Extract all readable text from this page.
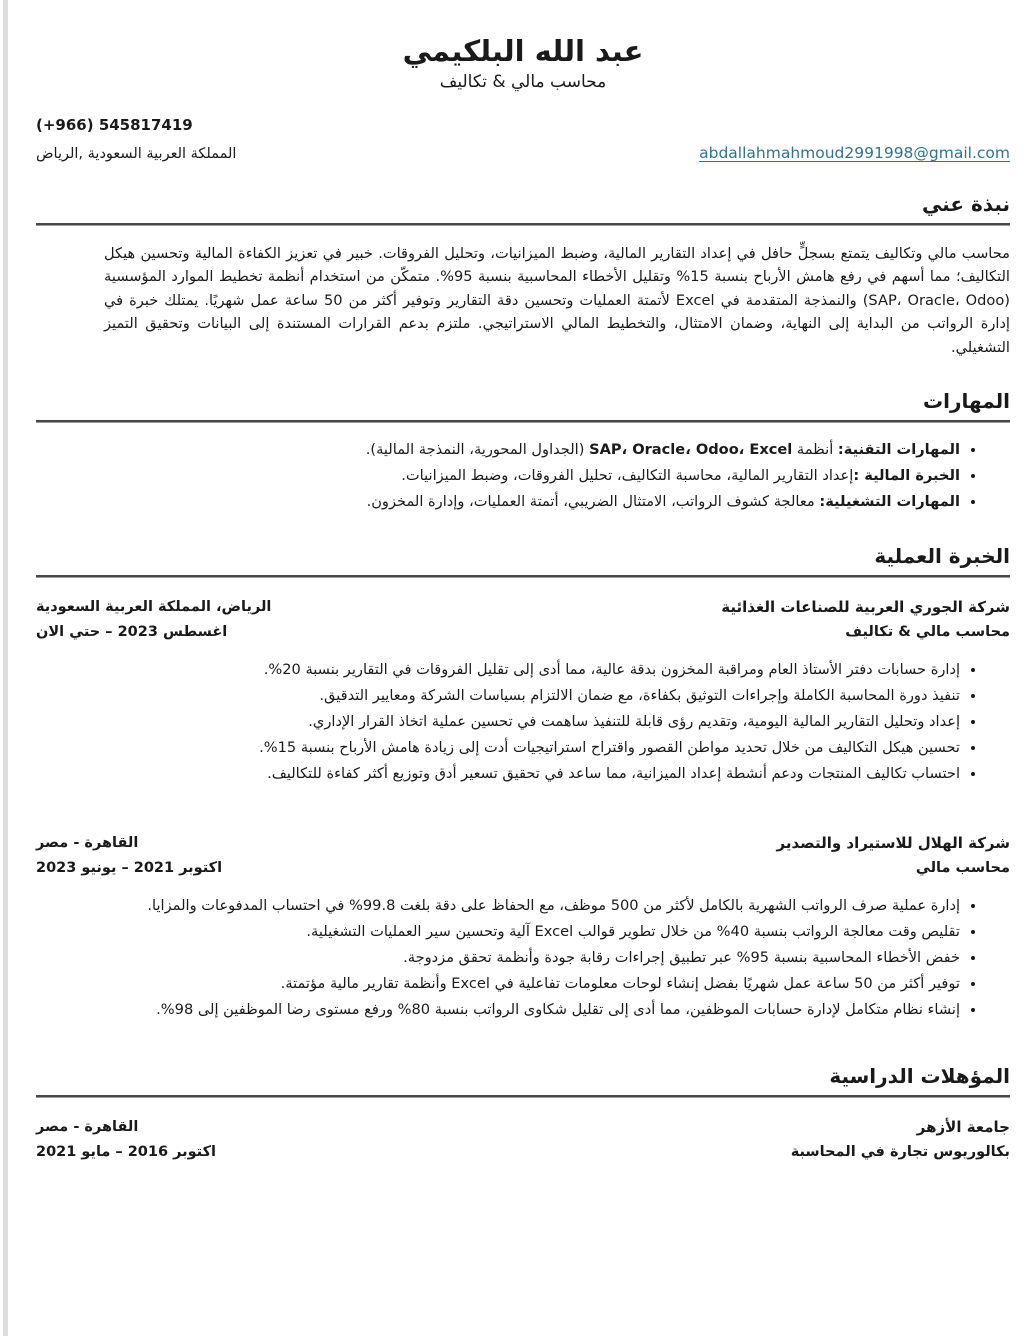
عبد الله البلكيمي
محاسب مالي & تكاليف
(+966) 545817419
المملكة العربية السعودية ,الرياض	abdallahmahmoud2991998@gmail.com
نبذة عني

محاسب مالي وتكاليف يتمتع بسجلٍّ حافل في إعداد التقارير المالية، وضبط الميزانيات، وتحليل الفروقات. خبير في تعزيز الكفاءة المالية وتحسين هيكل التكاليف؛ مما أسهم في رفع هامش الأرباح بنسبة 15% وتقليل الأخطاء المحاسبية بنسبة 95%. متمكّن من استخدام أنظمة تخطيط الموارد المؤسسية (SAP، Oracle، Odoo) والنمذجة المتقدمة في Excel لأتمتة العمليات وتحسين دقة التقارير وتوفير أكثر من 50 ساعة عمل شهريًا. يمتلك خبرة في إدارة الرواتب من البداية إلى النهاية، وضمان الامتثال، والتخطيط المالي الاستراتيجي. ملتزم بدعم القرارات المستندة إلى البيانات وتحقيق التميز التشغيلي.

المهارات
• المهارات التقنية: أنظمة SAP، Oracle، Odoo، Excel (الجداول المحورية، النمذجة المالية).
• الخبرة المالية :إعداد التقارير المالية، محاسبة التكاليف، تحليل الفروقات، وضبط الميزانيات.
• المهارات التشغيلية: معالجة كشوف الرواتب، الامتثال الضريبي، أتمتة العمليات، وإدارة المخزون.
الخبرة العملية
شركة الجوري العربية للصناعات الغذائية
محاسب مالي & تكاليف
الرياض، المملكة العربية السعودية
اغسطس 2023 – حتي الان
• إدارة حسابات دفتر الأستاذ العام ومراقبة المخزون بدقة عالية، مما أدى إلى تقليل الفروقات في التقارير بنسبة 20%.
• تنفيذ دورة المحاسبة الكاملة وإجراءات التوثيق بكفاءة، مع ضمان الالتزام بسياسات الشركة ومعايير التدقيق.
• إعداد وتحليل التقارير المالية اليومية، وتقديم رؤى قابلة للتنفيذ ساهمت في تحسين عملية اتخاذ القرار الإداري.
• تحسين هيكل التكاليف من خلال تحديد مواطن القصور واقتراح استراتيجيات أدت إلى زيادة هامش الأرباح بنسبة 15%.
• احتساب تكاليف المنتجات ودعم أنشطة إعداد الميزانية، مما ساعد في تحقيق تسعير أدق وتوزيع أكثر كفاءة للتكاليف.
شركة الهلال للاستيراد والتصدير
محاسب مالي
القاهرة - مصر
اكتوبر 2021 – يونيو 2023
• إدارة عملية صرف الرواتب الشهرية بالكامل لأكثر من 500 موظف، مع الحفاظ على دقة بلغت 99.8% في احتساب المدفوعات والمزايا.
• تقليص وقت معالجة الرواتب بنسبة 40% من خلال تطوير قوالب Excel آلية وتحسين سير العمليات التشغيلية.
• خفض الأخطاء المحاسبية بنسبة 95% عبر تطبيق إجراءات رقابة جودة وأنظمة تحقق مزدوجة.
• توفير أكثر من 50 ساعة عمل شهريًا بفضل إنشاء لوحات معلومات تفاعلية في Excel وأنظمة تقارير مالية مؤتمتة.
• إنشاء نظام متكامل لإدارة حسابات الموظفين، مما أدى إلى تقليل شكاوى الرواتب بنسبة 80% ورفع مستوى رضا الموظفين إلى 98%.
المؤهلات الدراسية
جامعة الأزهر
بكالوريوس تجارة في المحاسبة
القاهرة - مصر
اكتوبر 2016 – مايو 2021
